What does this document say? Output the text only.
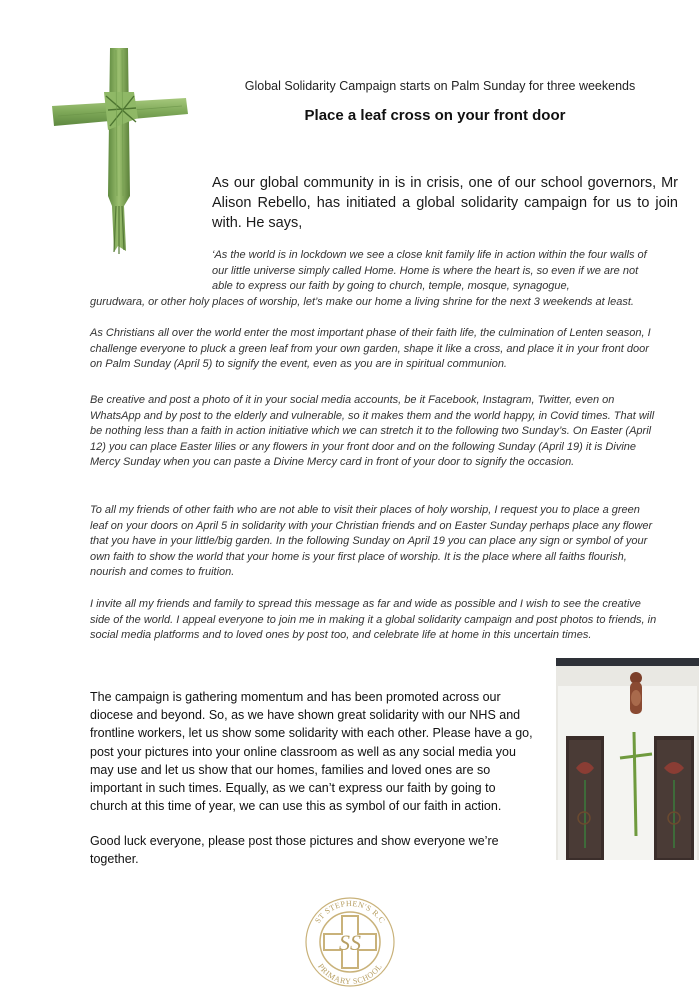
Global Solidarity Campaign starts on Palm Sunday for three weekends
Place a leaf cross on your front door
As our global community in is in crisis, one of our school governors, Mr Alison Rebello, has initiated a global solidarity campaign for us to join with. He says,
‘As the world is in lockdown we see a close knit family life in action within the four walls of our little universe simply called Home. Home is where the heart is, so even if we are not able to express our faith by going to church, temple, mosque, synagogue,
gurudwara, or other holy places of worship, let’s make our home a living shrine for the next 3 weekends at least.
As Christians all over the world enter the most important phase of their faith life, the culmination of Lenten season, I challenge everyone to pluck a green leaf from your own garden, shape it like a cross, and place it in your front door on Palm Sunday (April 5) to signify the event, even as you are in spiritual communion.
Be creative and post a photo of it in your social media accounts, be it Facebook, Instagram, Twitter, even on WhatsApp and by post to the elderly and vulnerable, so it makes them and the world happy, in Covid times. That will be nothing less than a faith in action initiative which we can stretch it to the following two Sunday’s. On Easter (April 12) you can place Easter lilies or any flowers in your front door and on the following Sunday (April 19) it is Divine Mercy Sunday when you can paste a Divine Mercy card in front of your door to signify the occasion.
To all my friends of other faith who are not able to visit their places of holy worship, I request you to place a green leaf on your doors on April 5 in solidarity with your Christian friends and on Easter Sunday perhaps place any flower that you have in your little/big garden. In the following Sunday on April 19 you can place any sign or symbol of your own faith to show the world that your home is your first place of worship. It is the place where all faiths flourish, nourish and comes to fruition.
I invite all my friends and family to spread this message as far and wide as possible and I wish to see the creative side of the world. I appeal everyone to join me in making it a global solidarity campaign and post photos to friends, in social media platforms and to loved ones by post too, and celebrate life at home in this uncertain times.
The campaign is gathering momentum and has been promoted across our diocese and beyond. So, as we have shown great solidarity with our NHS and frontline workers, let us show some solidarity with each other. Please have a go, post your pictures into your online classroom as well as any social media you may use and let us show that our homes, families and loved ones are so important in such times. Equally, as we can’t express our faith by going to church at this time of year, we can use this as symbol of our faith in action.
Good luck everyone, please post those pictures and show everyone we’re together.
ST STEPHEN'S R.C
PRIMARY SCHOOL
SS
